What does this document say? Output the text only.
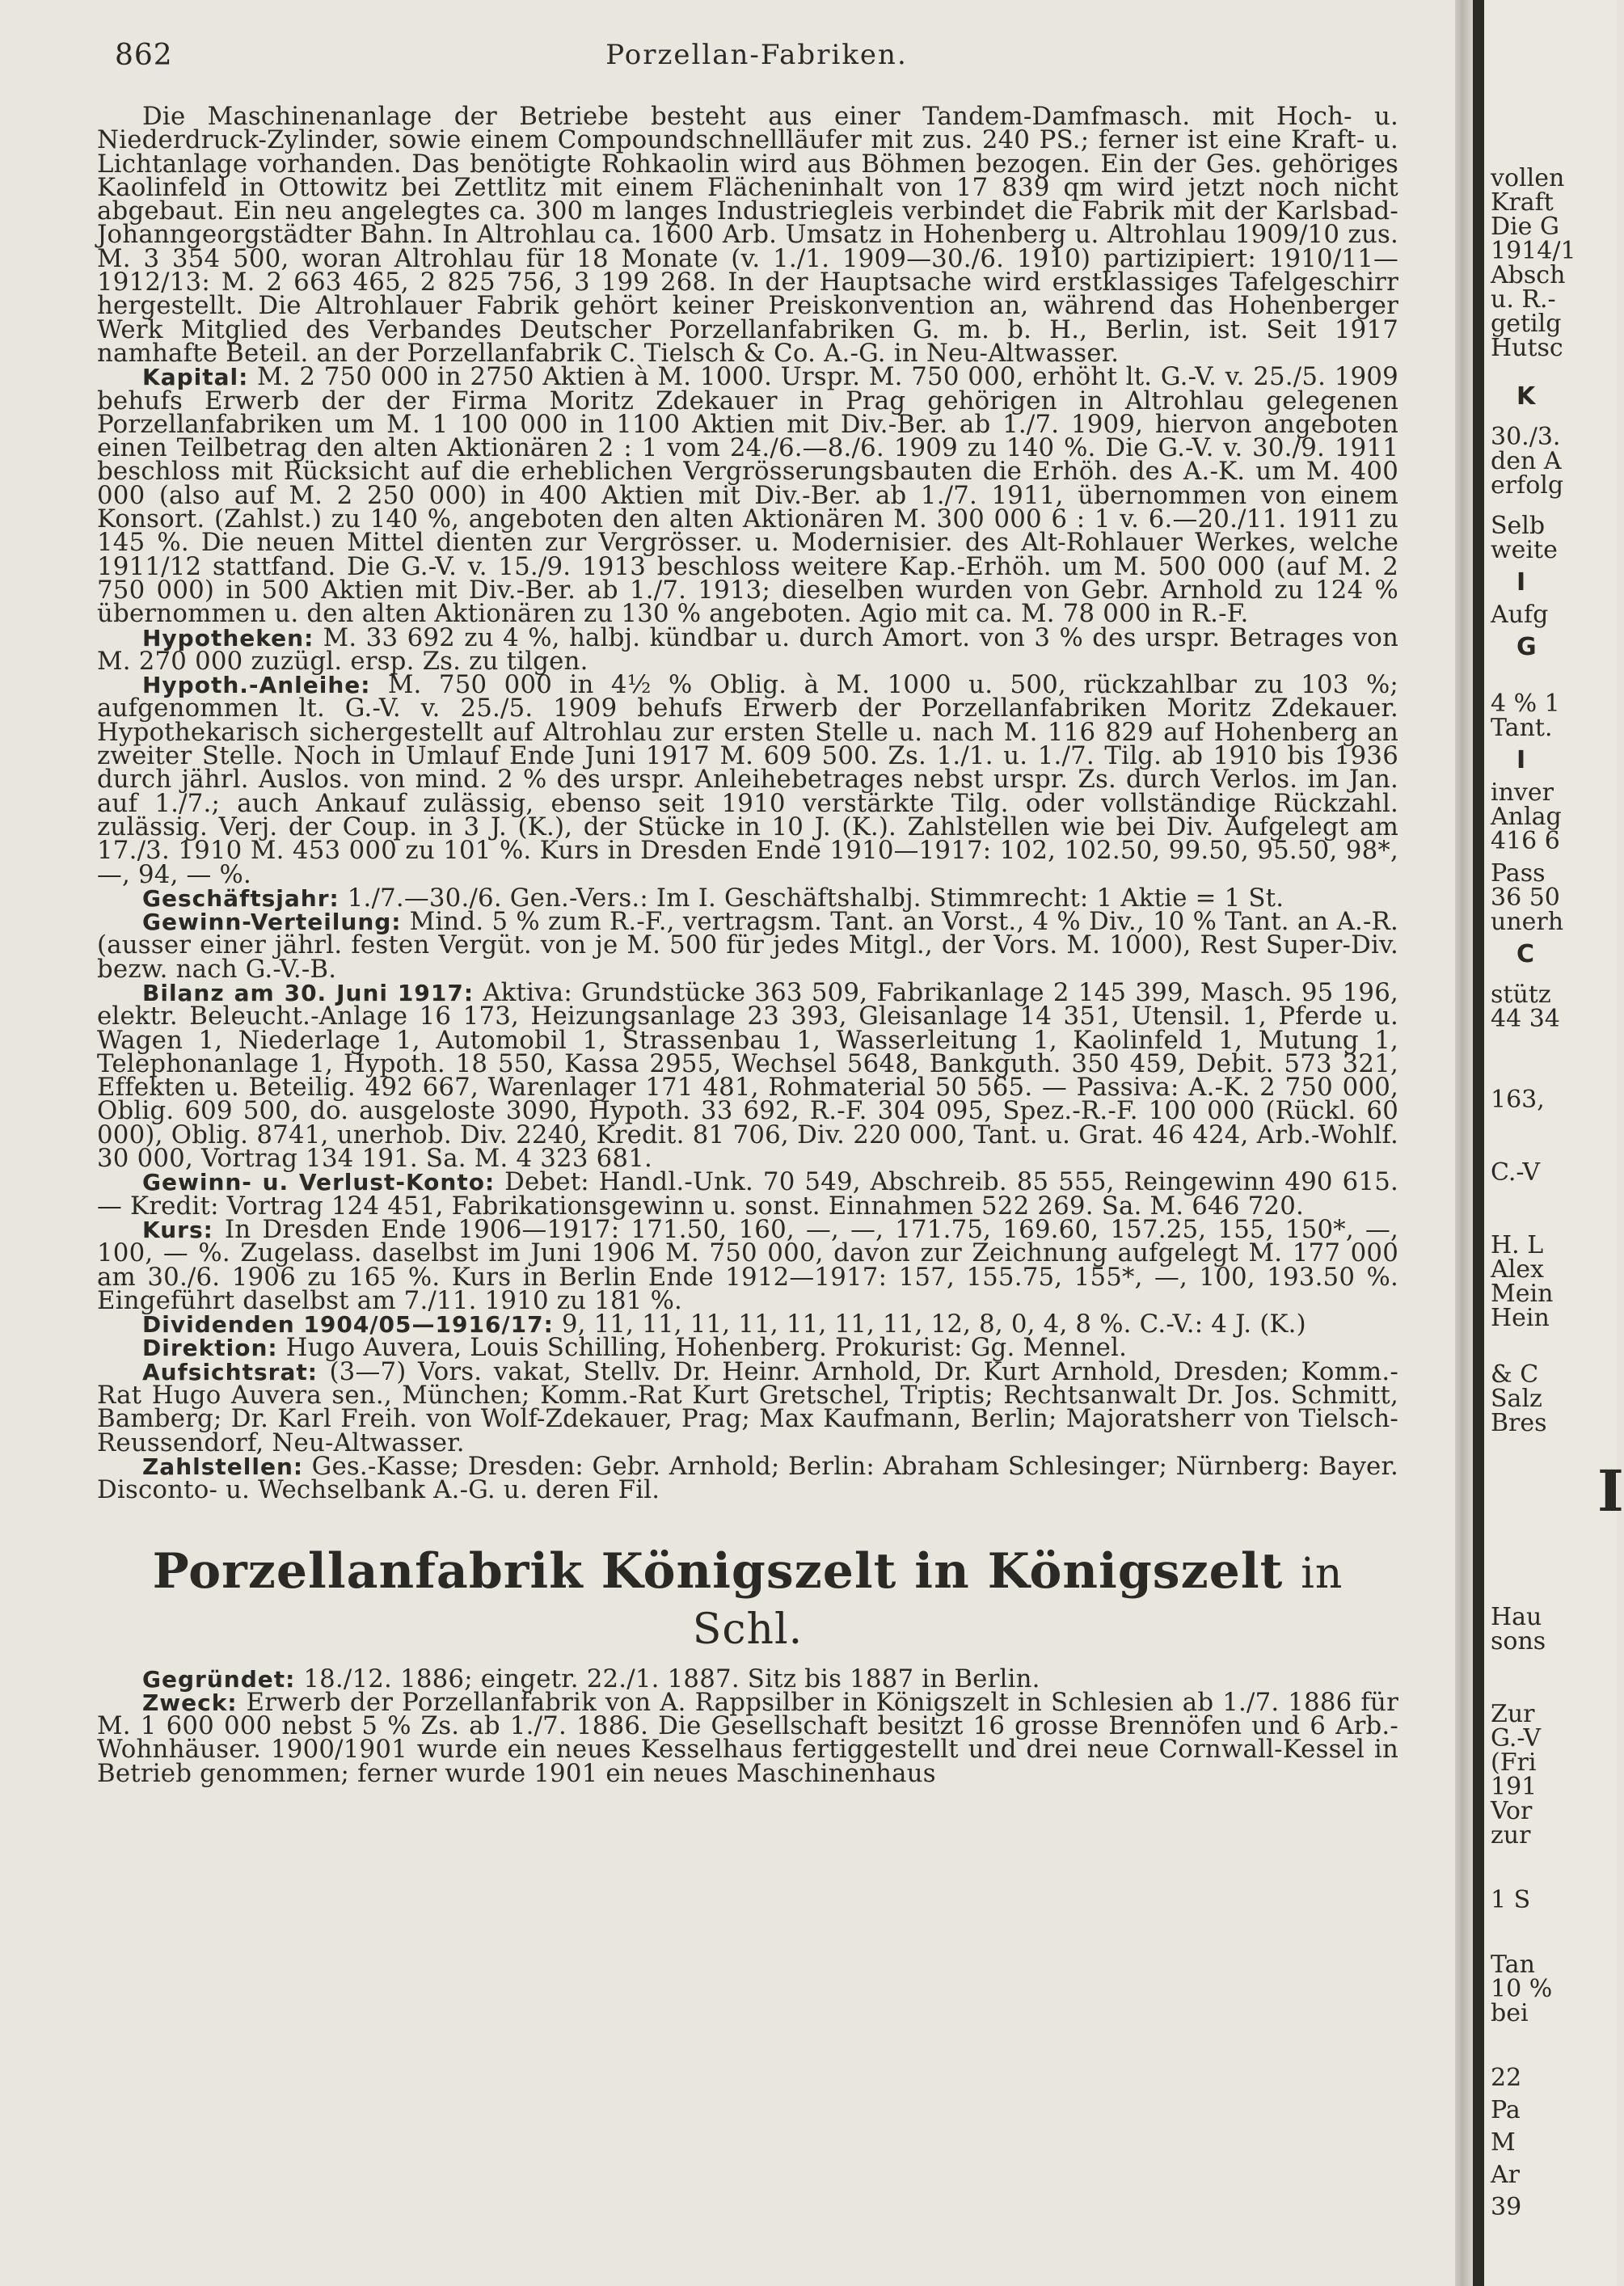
862	Porzellan-Fabriken.

Die Maschinenanlage der Betriebe besteht aus einer Tandem-Damfmasch. mit Hoch- u. Niederdruck-Zylinder, sowie einem Compoundschnellläufer mit zus. 240 PS.; ferner ist eine Kraft- u. Lichtanlage vorhanden. Das benötigte Rohkaolin wird aus Böhmen bezogen. Ein der Ges. gehöriges Kaolinfeld in Ottowitz bei Zettlitz mit einem Flächeninhalt von 17 839 qm wird jetzt noch nicht abgebaut. Ein neu angelegtes ca. 300 m langes Industriegleis verbindet die Fabrik mit der Karlsbad-Johanngeorgstädter Bahn. In Altrohlau ca. 1600 Arb. Umsatz in Hohenberg u. Altrohlau 1909/10 zus. M. 3 354 500, woran Altrohlau für 18 Monate (v. 1./1. 1909—30./6. 1910) partizipiert: 1910/11—1912/13: M. 2 663 465, 2 825 756, 3 199 268. In der Hauptsache wird erstklassiges Tafelgeschirr hergestellt. Die Altrohlauer Fabrik gehört keiner Preiskonvention an, während das Hohenberger Werk Mitglied des Verbandes Deutscher Porzellanfabriken G. m. b. H., Berlin, ist. Seit 1917 namhafte Beteil. an der Porzellanfabrik C. Tielsch & Co. A.-G. in Neu-Altwasser.

Kapital: M. 2 750 000 in 2750 Aktien à M. 1000. Urspr. M. 750 000, erhöht lt. G.-V. v. 25./5. 1909 behufs Erwerb der der Firma Moritz Zdekauer in Prag gehörigen in Altrohlau gelegenen Porzellanfabriken um M. 1 100 000 in 1100 Aktien mit Div.-Ber. ab 1./7. 1909, hiervon angeboten einen Teilbetrag den alten Aktionären 2 : 1 vom 24./6.—8./6. 1909 zu 140 %. Die G.-V. v. 30./9. 1911 beschloss mit Rücksicht auf die erheblichen Vergrösserungsbauten die Erhöh. des A.-K. um M. 400 000 (also auf M. 2 250 000) in 400 Aktien mit Div.-Ber. ab 1./7. 1911, übernommen von einem Konsort. (Zahlst.) zu 140 %, angeboten den alten Aktionären M. 300 000 6 : 1 v. 6.—20./11. 1911 zu 145 %. Die neuen Mittel dienten zur Vergrösser. u. Modernisier. des Alt-Rohlauer Werkes, welche 1911/12 stattfand. Die G.-V. v. 15./9. 1913 beschloss weitere Kap.-Erhöh. um M. 500 000 (auf M. 2 750 000) in 500 Aktien mit Div.-Ber. ab 1./7. 1913; dieselben wurden von Gebr. Arnhold zu 124 % übernommen u. den alten Aktionären zu 130 % angeboten. Agio mit ca. M. 78 000 in R.-F.

Hypotheken: M. 33 692 zu 4 %, halbj. kündbar u. durch Amort. von 3 % des urspr. Betrages von M. 270 000 zuzügl. ersp. Zs. zu tilgen.

Hypoth.-Anleihe: M. 750 000 in 4½ % Oblig. à M. 1000 u. 500, rückzahlbar zu 103 %; aufgenommen lt. G.-V. v. 25./5. 1909 behufs Erwerb der Porzellanfabriken Moritz Zdekauer. Hypothekarisch sichergestellt auf Altrohlau zur ersten Stelle u. nach M. 116 829 auf Hohenberg an zweiter Stelle. Noch in Umlauf Ende Juni 1917 M. 609 500. Zs. 1./1. u. 1./7. Tilg. ab 1910 bis 1936 durch jährl. Auslos. von mind. 2 % des urspr. Anleihebetrages nebst urspr. Zs. durch Verlos. im Jan. auf 1./7.; auch Ankauf zulässig, ebenso seit 1910 verstärkte Tilg. oder vollständige Rückzahl. zulässig. Verj. der Coup. in 3 J. (K.), der Stücke in 10 J. (K.). Zahlstellen wie bei Div. Aufgelegt am 17./3. 1910 M. 453 000 zu 101 %. Kurs in Dresden Ende 1910—1917: 102, 102.50, 99.50, 95.50, 98*, —, 94, — %.

Geschäftsjahr: 1./7.—30./6. Gen.-Vers.: Im I. Geschäftshalbj. Stimmrecht: 1 Aktie = 1 St.

Gewinn-Verteilung: Mind. 5 % zum R.-F., vertragsm. Tant. an Vorst., 4 % Div., 10 % Tant. an A.-R. (ausser einer jährl. festen Vergüt. von je M. 500 für jedes Mitgl., der Vors. M. 1000), Rest Super-Div. bezw. nach G.-V.-B.

Bilanz am 30. Juni 1917: Aktiva: Grundstücke 363 509, Fabrikanlage 2 145 399, Masch. 95 196, elektr. Beleucht.-Anlage 16 173, Heizungsanlage 23 393, Gleisanlage 14 351, Utensil. 1, Pferde u. Wagen 1, Niederlage 1, Automobil 1, Strassenbau 1, Wasserleitung 1, Kaolinfeld 1, Mutung 1, Telephonanlage 1, Hypoth. 18 550, Kassa 2955, Wechsel 5648, Bankguth. 350 459, Debit. 573 321, Effekten u. Beteilig. 492 667, Warenlager 171 481, Rohmaterial 50 565. — Passiva: A.-K. 2 750 000, Oblig. 609 500, do. ausgeloste 3090, Hypoth. 33 692, R.-F. 304 095, Spez.-R.-F. 100 000 (Rückl. 60 000), Oblig. 8741, unerhob. Div. 2240, Kredit. 81 706, Div. 220 000, Tant. u. Grat. 46 424, Arb.-Wohlf. 30 000, Vortrag 134 191. Sa. M. 4 323 681.

Gewinn- u. Verlust-Konto: Debet: Handl.-Unk. 70 549, Abschreib. 85 555, Reingewinn 490 615. — Kredit: Vortrag 124 451, Fabrikationsgewinn u. sonst. Einnahmen 522 269. Sa. M. 646 720.

Kurs: In Dresden Ende 1906—1917: 171.50, 160, —, —, 171.75, 169.60, 157.25, 155, 150*, —, 100, — %. Zugelass. daselbst im Juni 1906 M. 750 000, davon zur Zeichnung aufgelegt M. 177 000 am 30./6. 1906 zu 165 %. Kurs in Berlin Ende 1912—1917: 157, 155.75, 155*, —, 100, 193.50 %. Eingeführt daselbst am 7./11. 1910 zu 181 %.

Dividenden 1904/05—1916/17: 9, 11, 11, 11, 11, 11, 11, 11, 12, 8, 0, 4, 8 %. C.-V.: 4 J. (K.)

Direktion: Hugo Auvera, Louis Schilling, Hohenberg. Prokurist: Gg. Mennel.

Aufsichtsrat: (3—7) Vors. vakat, Stellv. Dr. Heinr. Arnhold, Dr. Kurt Arnhold, Dresden; Komm.-Rat Hugo Auvera sen., München; Komm.-Rat Kurt Gretschel, Triptis; Rechtsanwalt Dr. Jos. Schmitt, Bamberg; Dr. Karl Freih. von Wolf-Zdekauer, Prag; Max Kaufmann, Berlin; Majoratsherr von Tielsch-Reussendorf, Neu-Altwasser.

Zahlstellen: Ges.-Kasse; Dresden: Gebr. Arnhold; Berlin: Abraham Schlesinger; Nürnberg: Bayer. Disconto- u. Wechselbank A.-G. u. deren Fil.

Porzellanfabrik Königszelt in Königszelt in Schl.

Gegründet: 18./12. 1886; eingetr. 22./1. 1887. Sitz bis 1887 in Berlin.

Zweck: Erwerb der Porzellanfabrik von A. Rappsilber in Königszelt in Schlesien ab 1./7. 1886 für M. 1 600 000 nebst 5 % Zs. ab 1./7. 1886. Die Gesellschaft besitzt 16 grosse Brennöfen und 6 Arb.-Wohnhäuser. 1900/1901 wurde ein neues Kesselhaus fertiggestellt und drei neue Cornwall-Kessel in Betrieb genommen; ferner wurde 1901 ein neues Maschinenhaus

vollen
Kraft
Die G
1914/1
Absch
u. R.-
getilg
Hutsc
K
30./3.
den A
erfolg
Selb
weite
I
Aufg
G
4 % 1
Tant.
I
inver
Anlag
416 6
Pass
36 50
unerh
C
stütz
44 34
163,
C.-V
H. L
Alex
Mein
Hein
& C
Salz
Bres
I
Hau
sons
Zur
G.-V
(Fri
191
Vor
zur
1 S
Tan
10 %
bei
22
Pa
M
Ar
39
